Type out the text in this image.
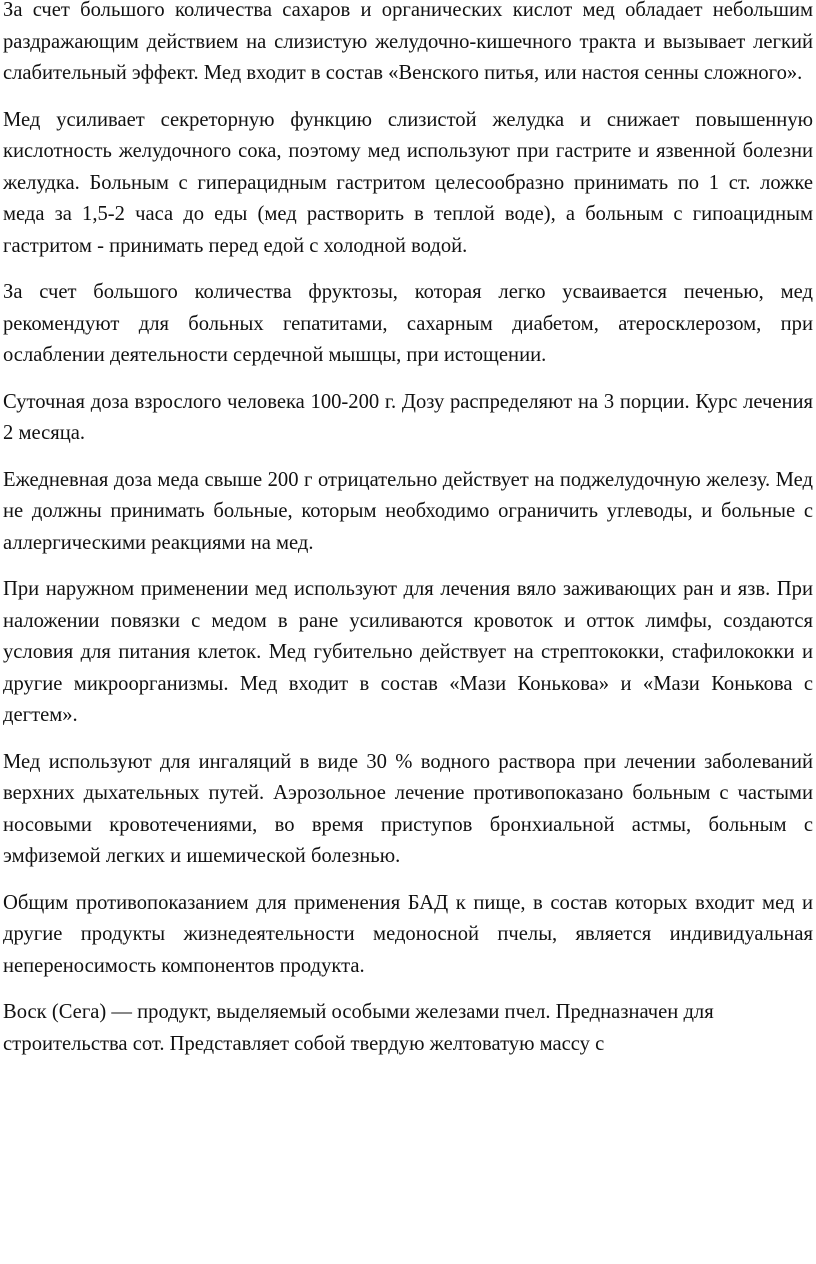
За счет большого количества сахаров и органических кислот мед обладает небольшим раздражающим действием на слизистую желудочно-кишечного тракта и вызывает легкий слабительный эффект. Мед входит в состав «Венского питья, или настоя сенны сложного».

Мед усиливает секреторную функцию слизистой желудка и снижает повышенную кислотность желудочного сока, поэтому мед используют при гастрите и язвенной болезни желудка. Больным с гиперацидным гастритом целесообразно принимать по 1 ст. ложке меда за 1,5-2 часа до еды (мед растворить в теплой воде), а больным с гипоацидным гастритом - принимать перед едой с холодной водой.

За счет большого количества фруктозы, которая легко усваивается печенью, мед рекомендуют для больных гепатитами, сахарным диабетом, атеросклерозом, при ослаблении деятельности сердечной мышцы, при истощении.

Суточная доза взрослого человека 100-200 г. Дозу распределяют на 3 порции. Курс лечения 2 месяца.

Ежедневная доза меда свыше 200 г отрицательно действует на поджелудочную железу. Мед не должны принимать больные, которым необходимо ограничить углеводы, и больные с аллергическими реакциями на мед.

При наружном применении мед используют для лечения вяло заживающих ран и язв. При наложении повязки с медом в ране усиливаются кровоток и отток лимфы, создаются условия для питания клеток. Мед губительно действует на стрептококки, стафилококки и другие микроорганизмы. Мед входит в состав «Мази Конькова» и «Мази Конькова с дегтем».

Мед используют для ингаляций в виде 30 % водного раствора при лечении заболеваний верхних дыхательных путей. Аэрозольное лечение противопоказано больным с частыми носовыми кровотечениями, во время приступов бронхиальной астмы, больным с эмфиземой легких и ишемической болезнью.

Общим противопоказанием для применения БАД к пище, в состав которых входит мед и другие продукты жизнедеятельности медоносной пчелы, является индивидуальная непереносимость компонентов продукта.

Воск (Сега) — продукт, выделяемый особыми железами пчел. Предназначен для строительства сот. Представляет собой твердую желтоватую массу с
